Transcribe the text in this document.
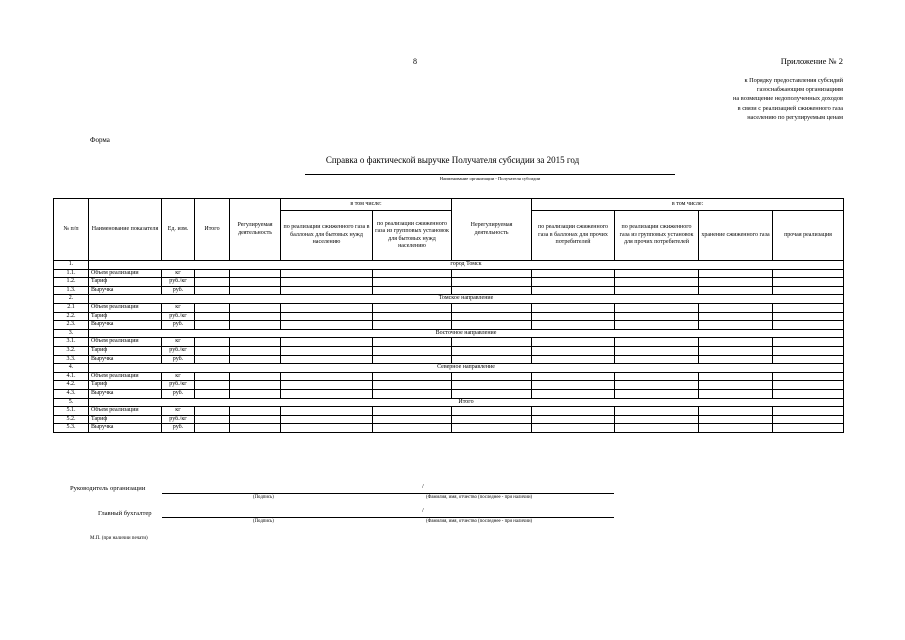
8	Приложение № 2
к Порядку предоставления субсидий
газоснабжающим организациям
на возмещение недополученных доходов
в связи с реализацией сжиженного газа
населению по регулируемым ценам
Форма
Справка о фактической выручке Получателя субсидии за 2015 год
Наименование организации - Получателя субсидии
№ п/п	Наименование показателя	Ед. изм.	Итого	Регулируемая деятельность	в том числе:		Нерегулируемая деятельность	в том числе:			
					по реализации сжиженного газа в баллонах для бытовых нужд населению	по реализации сжиженного газа из групповых установок для бытовых нужд населению		по реализации сжиженного газа в баллонах для прочих потребителей	по реализации сжиженного газа из групповых установок для прочих потребителей	хранение сжиженного газа	прочая реализация
1.	город Томск										
1.1.	Объем реализации	кг									
1.2.	Тариф	руб./кг									
1.3.	Выручка	руб.									
2.	Томское направление										
2.1	Объем реализации	кг									
2.2.	Тариф	руб./кг									
2.3.	Выручка	руб.									
3.	Восточное направление										
3.1.	Объем реализации	кг									
3.2.	Тариф	руб./кг									
3.3.	Выручка	руб.									
4.	Северное направление										
4.1.	Объем реализации	кг									
4.2.	Тариф	руб./кг									
4.3.	Выручка	руб.									
5.	Итого										
5.1.	Объем реализации	кг									
5.2.	Тариф	руб./кг									
5.3.	Выручка	руб.									
Руководитель организации	/
(Подпись)	(Фамилия, имя, отчество (последнее - при наличии)
Главный бухгалтер	/
(Подпись)	(Фамилия, имя, отчество (последнее - при наличии)
М.П. (при наличии печати)
